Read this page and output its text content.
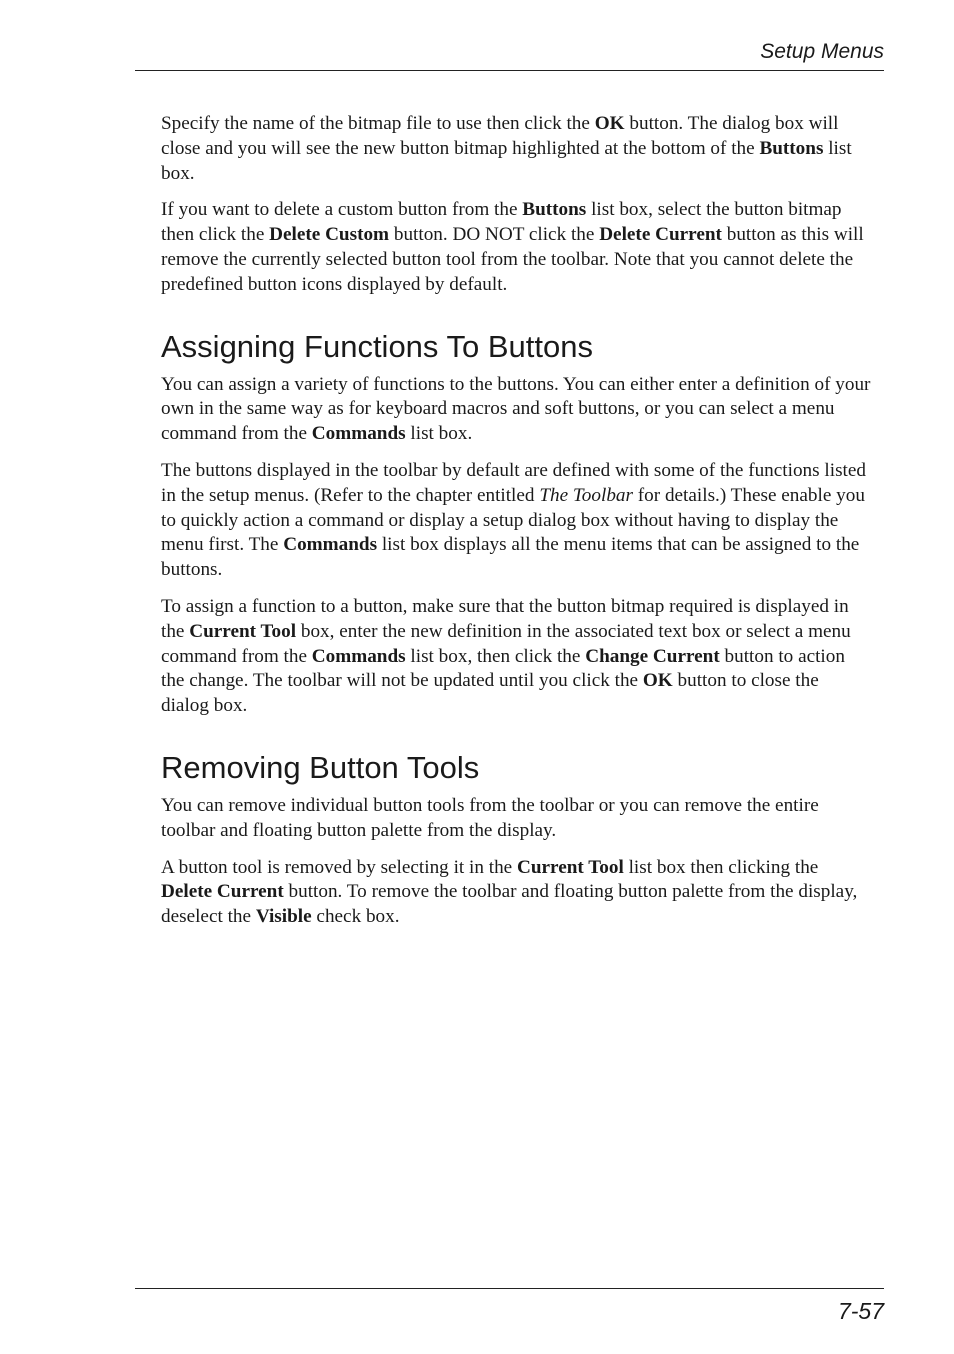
Setup Menus

Specify the name of the bitmap file to use then click the OK button. The dialog box will close and you will see the new button bitmap highlighted at the bottom of the Buttons list box.

If you want to delete a custom button from the Buttons list box, select the button bitmap then click the Delete Custom button. DO NOT click the Delete Current button as this will remove the currently selected button tool from the toolbar. Note that you cannot delete the predefined button icons displayed by default.

Assigning Functions To Buttons

You can assign a variety of functions to the buttons. You can either enter a definition of your own in the same way as for keyboard macros and soft buttons, or you can select a menu command from the Commands list box.

The buttons displayed in the toolbar by default are defined with some of the functions listed in the setup menus. (Refer to the chapter entitled The Toolbar for details.) These enable you to quickly action a command or display a setup dialog box without having to display the menu first. The Commands list box displays all the menu items that can be assigned to the buttons.

To assign a function to a button, make sure that the button bitmap required is displayed in the Current Tool box, enter the new definition in the associated text box or select a menu command from the Commands list box, then click the Change Current button to action the change. The toolbar will not be updated until you click the OK button to close the dialog box.

Removing Button Tools

You can remove individual button tools from the toolbar or you can remove the entire toolbar and floating button palette from the display.

A button tool is removed by selecting it in the Current Tool list box then clicking the Delete Current button. To remove the toolbar and floating button palette from the display, deselect the Visible check box.

7-57
